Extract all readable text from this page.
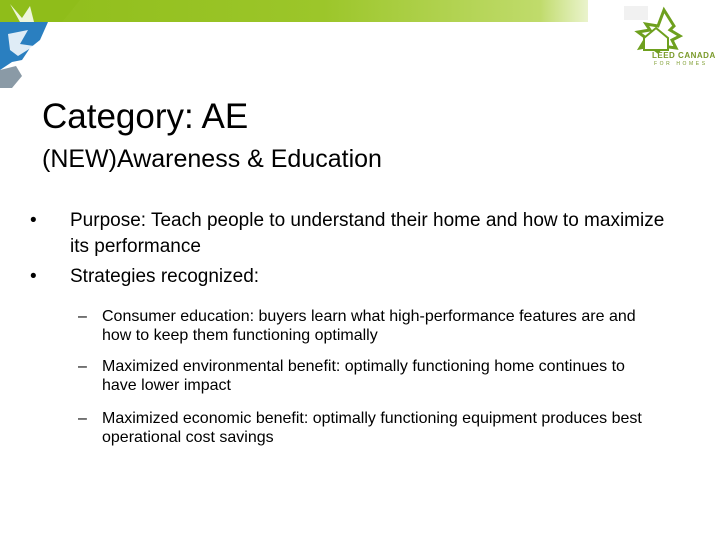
LEED CANADA
FOR HOMES
Category: AE
(NEW)Awareness & Education
• Purpose: Teach people to understand their home and how to maximize its performance
• Strategies recognized:
– Consumer education: buyers learn what high-performance features are and how to keep them functioning optimally
– Maximized environmental benefit: optimally functioning home continues to have lower impact
– Maximized economic benefit: optimally functioning equipment produces best operational cost savings
